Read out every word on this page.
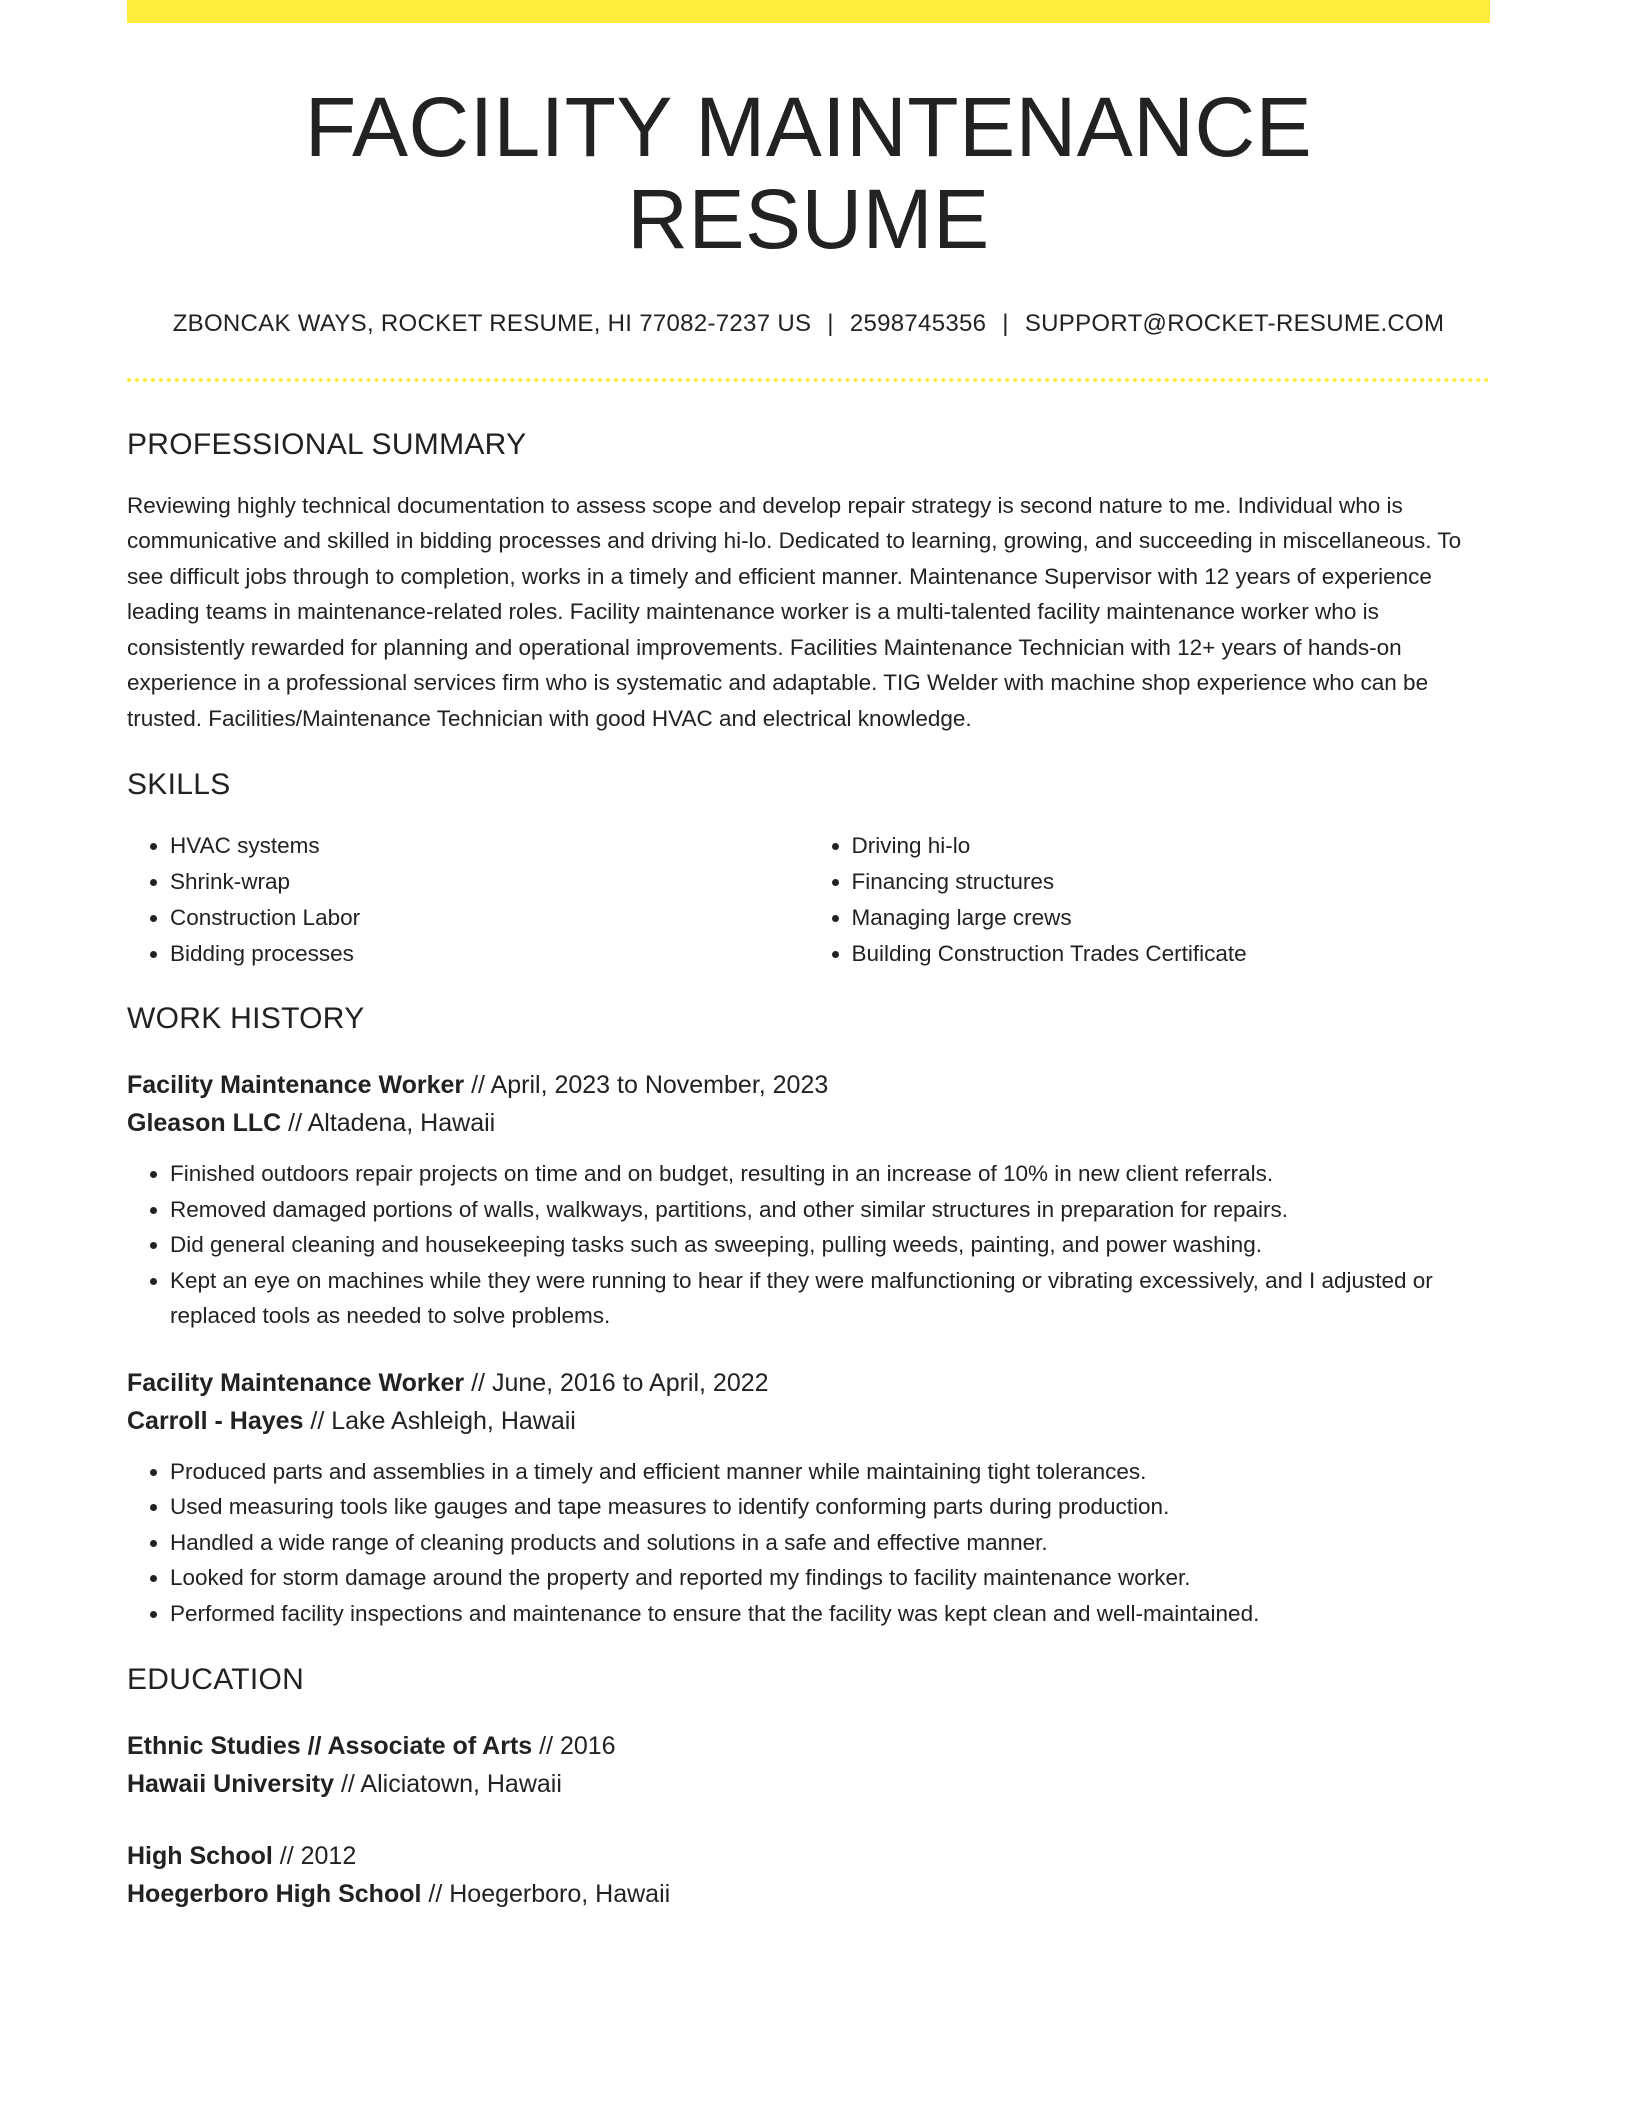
FACILITY MAINTENANCE RESUME
ZBONCAK WAYS, ROCKET RESUME, HI 77082-7237 US | 2598745356 | SUPPORT@ROCKET-RESUME.COM
PROFESSIONAL SUMMARY

Reviewing highly technical documentation to assess scope and develop repair strategy is second nature to me. Individual who is communicative and skilled in bidding processes and driving hi-lo. Dedicated to learning, growing, and succeeding in miscellaneous. To see difficult jobs through to completion, works in a timely and efficient manner. Maintenance Supervisor with 12 years of experience leading teams in maintenance-related roles. Facility maintenance worker is a multi-talented facility maintenance worker who is consistently rewarded for planning and operational improvements. Facilities Maintenance Technician with 12+ years of hands-on experience in a professional services firm who is systematic and adaptable. TIG Welder with machine shop experience who can be trusted. Facilities/Maintenance Technician with good HVAC and electrical knowledge.

SKILLS
• HVAC systems
• Shrink-wrap
• Construction Labor
• Bidding processes
• Driving hi-lo
• Financing structures
• Managing large crews
• Building Construction Trades Certificate
WORK HISTORY
Facility Maintenance Worker // April, 2023 to November, 2023
Gleason LLC // Altadena, Hawaii
• Finished outdoors repair projects on time and on budget, resulting in an increase of 10% in new client referrals.
• Removed damaged portions of walls, walkways, partitions, and other similar structures in preparation for repairs.
• Did general cleaning and housekeeping tasks such as sweeping, pulling weeds, painting, and power washing.
• Kept an eye on machines while they were running to hear if they were malfunctioning or vibrating excessively, and I adjusted or replaced tools as needed to solve problems.
Facility Maintenance Worker // June, 2016 to April, 2022
Carroll - Hayes // Lake Ashleigh, Hawaii
• Produced parts and assemblies in a timely and efficient manner while maintaining tight tolerances.
• Used measuring tools like gauges and tape measures to identify conforming parts during production.
• Handled a wide range of cleaning products and solutions in a safe and effective manner.
• Looked for storm damage around the property and reported my findings to facility maintenance worker.
• Performed facility inspections and maintenance to ensure that the facility was kept clean and well-maintained.
EDUCATION
Ethnic Studies // Associate of Arts // 2016
Hawaii University // Aliciatown, Hawaii
High School // 2012
Hoegerboro High School // Hoegerboro, Hawaii
